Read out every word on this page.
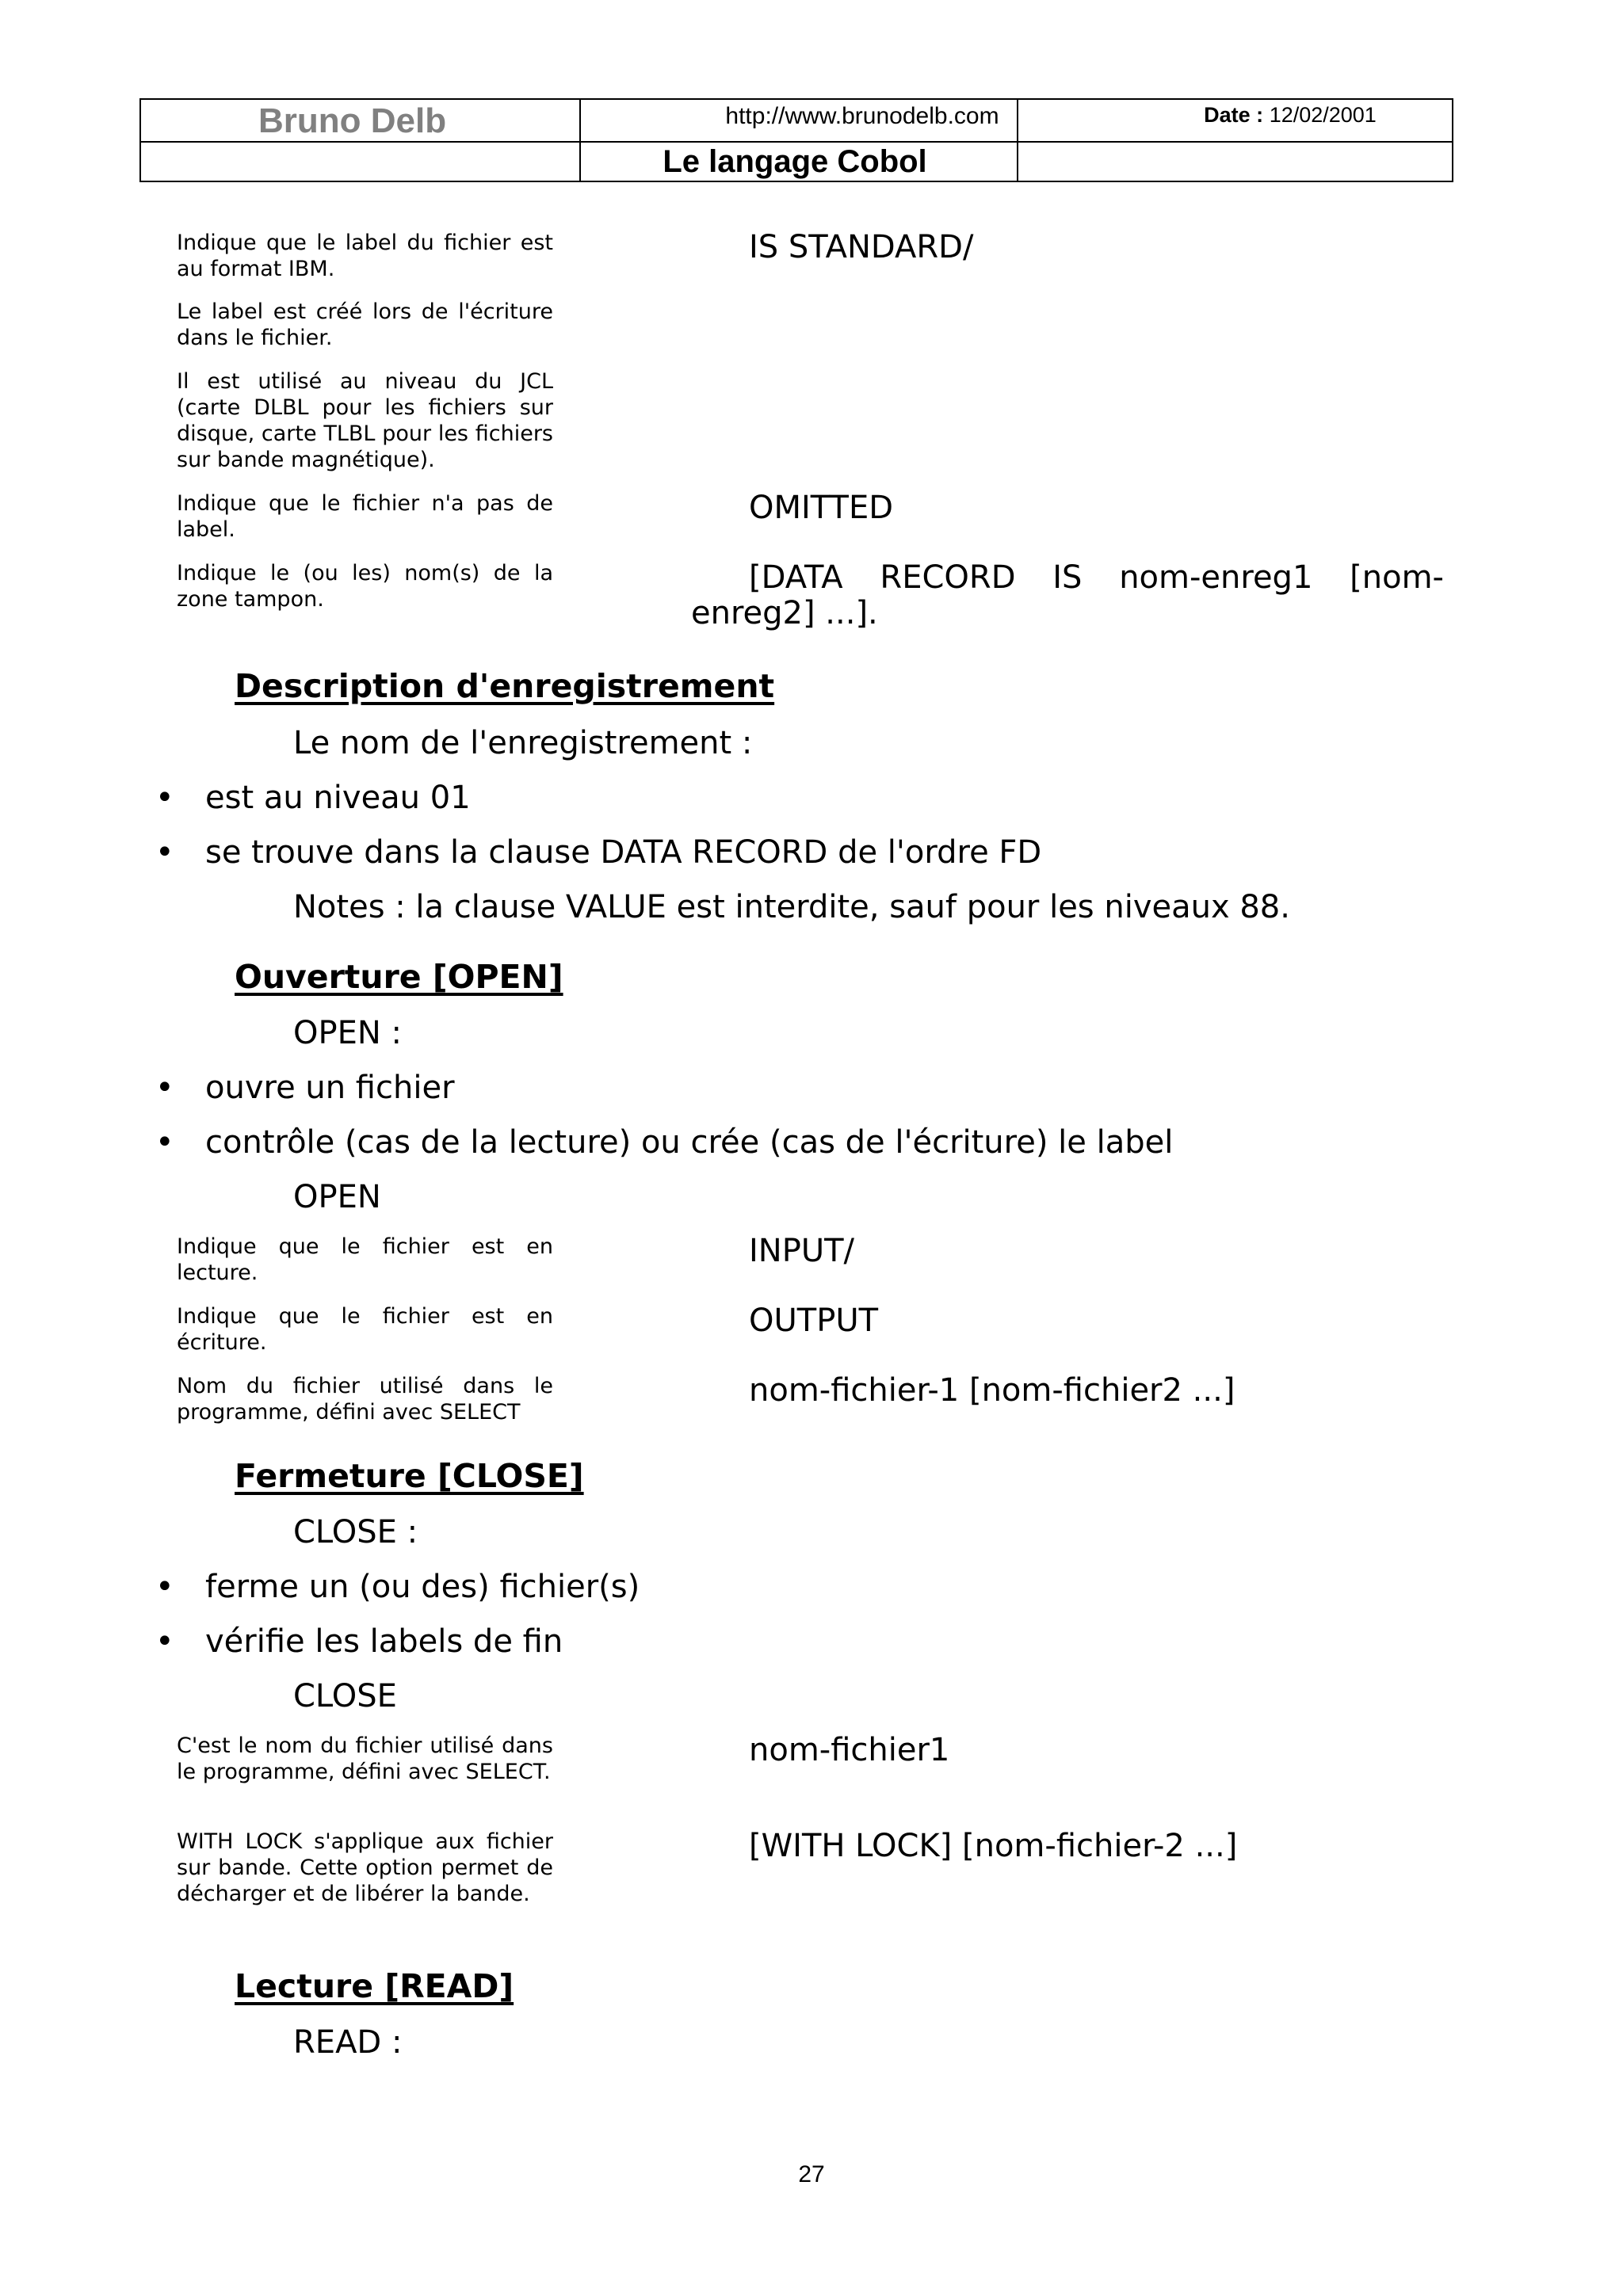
Bruno Delb	http://www.brunodelb.com	Date : 12/02/2001
Le langage Cobol
Indique que le label du fichier est au format IBM.
IS STANDARD/
Le label est créé lors de l'écriture dans le fichier.
Il est utilisé au niveau du JCL (carte DLBL pour les fichiers sur disque, carte TLBL pour les fichiers sur bande magnétique).
Indique que le fichier n'a pas de label.
OMITTED
Indique le (ou les) nom(s) de la zone tampon.
[DATA RECORD IS nom-enreg1 [nom-enreg2] ...].
Description d'enregistrement
Le nom de l'enregistrement :
• est au niveau 01
• se trouve dans la clause DATA RECORD de l'ordre FD
Notes : la clause VALUE est interdite, sauf pour les niveaux 88.
Ouverture [OPEN]
OPEN :
• ouvre un fichier
• contrôle (cas de la lecture) ou crée (cas de l'écriture) le label
OPEN
Indique que le fichier est en lecture.
INPUT/
Indique que le fichier est en écriture.
OUTPUT
Nom du fichier utilisé dans le programme, défini avec SELECT
nom-fichier-1 [nom-fichier2 ...]
Fermeture [CLOSE]
CLOSE :
• ferme un (ou des) fichier(s)
• vérifie les labels de fin
CLOSE
C'est le nom du fichier utilisé dans le programme, défini avec SELECT.
nom-fichier1
WITH LOCK s'applique aux fichier sur bande. Cette option permet de décharger et de libérer la bande.
[WITH LOCK] [nom-fichier-2 ...]
Lecture [READ]
READ :
27
